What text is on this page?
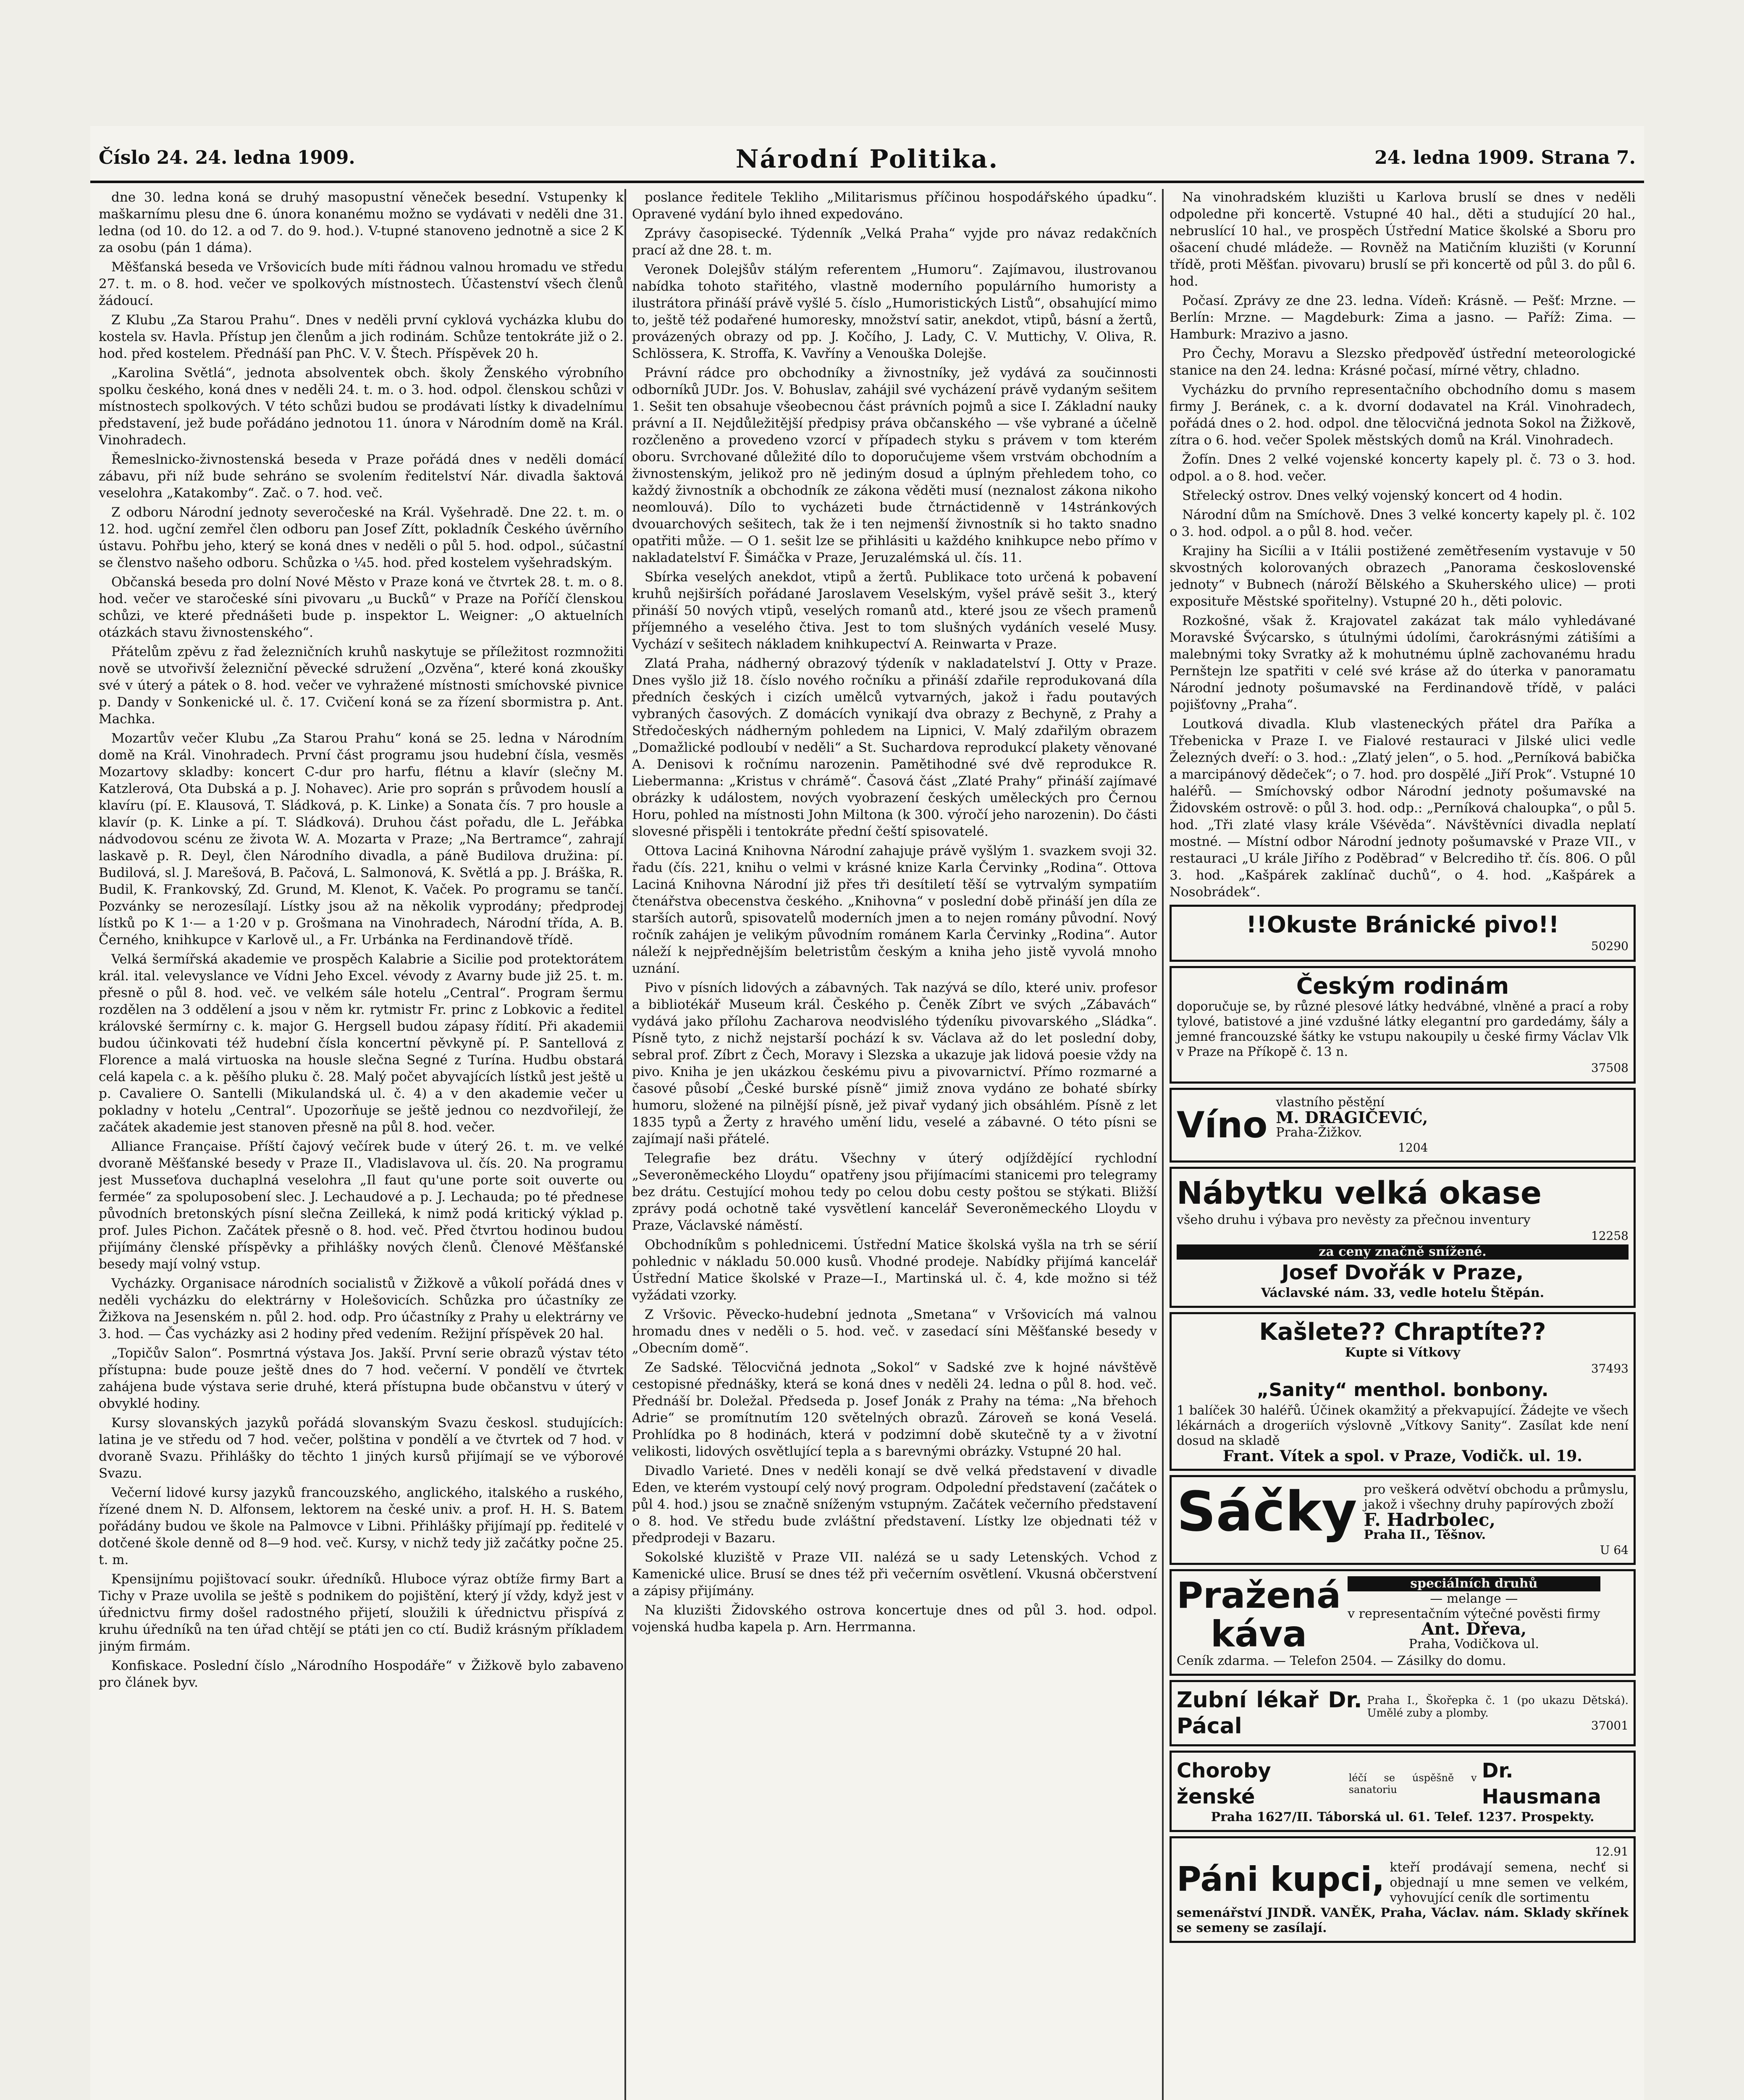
Číslo 24. 24. ledna 1909.	Národní Politika.	24. ledna 1909. Strana 7.

dne 30. ledna koná se druhý masopustní věneček besední. Vstupenky k maškarnímu plesu dne 6. února konanému možno se vydávati v neděli dne 31. ledna (od 10. do 12. a od 7. do 9. hod.). V-tupné stanoveno jednotně a sice 2 K za osobu (pán 1 dáma).

Měšťanská beseda ve Vršovicích bude míti řádnou valnou hromadu ve středu 27. t. m. o 8. hod. večer ve spolkových místnostech. Účastenství všech členů žádoucí.

Z Klubu „Za Starou Prahu“. Dnes v neděli první cyklová vycházka klubu do kostela sv. Havla. Přístup jen členům a jich rodinám. Schůze tentokráte již o 2. hod. před kostelem. Přednáší pan PhC. V. V. Štech. Příspěvek 20 h.

„Karolina Světlá“, jednota absolventek obch. školy Ženského výrobního spolku českého, koná dnes v neděli 24. t. m. o 3. hod. odpol. členskou schůzi v místnostech spolkových. V této schůzi budou se prodávati lístky k divadelnímu představení, jež bude pořádáno jednotou 11. února v Národním domě na Král. Vinohradech.

Řemeslnicko-živnostenská beseda v Praze pořádá dnes v neděli domácí zábavu, při níž bude sehráno se svolením ředitelství Nár. divadla šaktová veselohra „Katakomby“. Zač. o 7. hod. več.

Z odboru Národní jednoty severočeské na Král. Vyšehradě. Dne 22. t. m. o 12. hod. ugční zemřel člen odboru pan Josef Zítt, pokladník Českého úvěrního ústavu. Pohřbu jeho, který se koná dnes v neděli o půl 5. hod. odpol., súčastní se členstvo našeho odboru. Schůzka o ¼5. hod. před kostelem vyšehradským.

Občanská beseda pro dolní Nové Město v Praze koná ve čtvrtek 28. t. m. o 8. hod. večer ve staročeské síni pivovaru „u Bucků“ v Praze na Poříčí členskou schůzi, ve které přednášeti bude p. inspektor L. Weigner: „O aktuelních otázkách stavu živnostenského“.

Přátelům zpěvu z řad železničních kruhů naskytuje se příležitost rozmnožiti nově se utvořivší železniční pěvecké sdružení „Ozvěna“, které koná zkoušky své v úterý a pátek o 8. hod. večer ve vyhražené místnosti smíchovské pivnice p. Dandy v Sonkenické ul. č. 17. Cvičení koná se za řízení sbormistra p. Ant. Machka.

Mozartův večer Klubu „Za Starou Prahu“ koná se 25. ledna v Národním domě na Král. Vinohradech. První část programu jsou hudební čísla, vesměs Mozartovy skladby: koncert C-dur pro harfu, flétnu a klavír (slečny M. Katzlerová, Ota Dubská a p. J. Nohavec). Arie pro soprán s průvodem houslí a klavíru (pí. E. Klausová, T. Sládková, p. K. Linke) a Sonata čís. 7 pro housle a klavír (p. K. Linke a pí. T. Sládková). Druhou část pořadu, dle L. Jeřábka nádvodovou scénu ze života W. A. Mozarta v Praze; „Na Bertramce“, zahrají laskavě p. R. Deyl, člen Národního divadla, a páně Budilova družina: pí. Budilová, sl. J. Marešová, B. Pačová, L. Salmonová, K. Světlá a pp. J. Bráška, R. Budil, K. Frankovský, Zd. Grund, M. Klenot, K. Vaček. Po programu se tančí. Pozvánky se nerozesílají. Lístky jsou až na několik vyprodány; předprodej lístků po K 1·— a 1·20 v p. Grošmana na Vinohradech, Národní třída, A. B. Černého, knihkupce v Karlově ul., a Fr. Urbánka na Ferdinandově třídě.

Velká šermířská akademie ve prospěch Kalabrie a Sicilie pod protektorátem král. ital. velevyslance ve Vídni Jeho Excel. vévody z Avarny bude již 25. t. m. přesně o půl 8. hod. več. ve velkém sále hotelu „Central“. Program šermu rozdělen na 3 oddělení a jsou v něm kr. rytmistr Fr. princ z Lobkovic a ředitel královské šermírny c. k. major G. Hergsell budou zápasy řídití. Při akademii budou účinkovati též hudební čísla koncertní pěvkyně pí. P. Santellová z Florence a malá virtuoska na housle slečna Segné z Turína. Hudbu obstará celá kapela c. a k. pěšího pluku č. 28. Malý počet abyvajících lístků jest ještě u p. Cavaliere O. Santelli (Mikulandská ul. č. 4) a v den akademie večer u pokladny v hotelu „Central“. Upozorňuje se ještě jednou co nezdvořilejí, že začátek akademie jest stanoven přesně na půl 8. hod. večer.

Alliance Française. Příští čajový večírek bude v úterý 26. t. m. ve velké dvoraně Měšťanské besedy v Praze II., Vladislavova ul. čís. 20. Na programu jest Musseťova duchaplná veselohra „Il faut qu'une porte soit ouverte ou fermée“ za spoluposobení slec. J. Lechaudové a p. J. Lechauda; po té přednese původních bretonských písní slečna Zeilleká, k nimž podá kritický výklad p. prof. Jules Pichon. Začátek přesně o 8. hod. več. Před čtvrtou hodinou budou přijímány členské příspěvky a přihlášky nových členů. Členové Měšťanské besedy mají volný vstup.

Vycházky. Organisace národních socialistů v Žižkově a vůkolí pořádá dnes v neděli vycházku do elektrárny v Holešovicích. Schůzka pro účastníky ze Žižkova na Jesenském n. půl 2. hod. odp. Pro účastníky z Prahy u elektrárny ve 3. hod. — Čas vycházky asi 2 hodiny před vedením. Režijní příspěvek 20 hal.

„Topičův Salon“. Posmrtná výstava Jos. Jakší. První serie obrazů výstav této přístupna: bude pouze ještě dnes do 7 hod. večerní. V pondělí ve čtvrtek zahájena bude výstava serie druhé, která přístupna bude občanstvu v úterý v obvyklé hodiny.

Kursy slovanských jazyků pořádá slovanským Svazu českosl. studujících: latina je ve středu od 7 hod. večer, polština v pondělí a ve čtvrtek od 7 hod. v dvoraně Svazu. Přihlášky do těchto 1 jiných kursů přijímají se ve výborové Svazu.

Večerní lidové kursy jazyků francouzského, anglického, italského a ruského, řízené dnem N. D. Alfonsem, lektorem na české univ. a prof. H. H. S. Batem pořádány budou ve škole na Palmovce v Libni. Přihlášky přijímají pp. ředitelé v dotčené škole denně od 8—9 hod. več. Kursy, v nichž tedy již začátky počne 25. t. m.

Kpensijnímu pojištovací soukr. úředníků. Hluboce výraz obtíže firmy Bart a Tichy v Praze uvolila se ještě s podnikem do pojištění, který jí vždy, když jest v úřednictvu firmy došel radostného přijetí, sloužili k úřednictvu přispívá z kruhu úředníků na ten úřad chtějí se ptáti jen co ctí. Budiž krásným příkladem jiným firmám.

Konfiskace. Poslední číslo „Národního Hospodáře“ v Žižkově bylo zabaveno pro článek byv.

poslance ředitele Tekliho „Militarismus příčinou hospodářského úpadku“. Opravené vydání bylo ihned expedováno.

Zprávy časopisecké. Týdenník „Velká Praha“ vyjde pro návaz redakčních prací až dne 28. t. m.

Veronek Dolejšův stálým referentem „Humoru“. Zajímavou, ilustrovanou nabídka tohoto stařitého, vlastně moderního populárního humoristy a ilustrátora přináší právě vyšlé 5. číslo „Humoristických Listů“, obsahující mimo to, ještě též podařené humoresky, množství satir, anekdot, vtipů, básní a žertů, provázených obrazy od pp. J. Kočího, J. Lady, C. V. Muttichy, V. Oliva, R. Schlössera, K. Stroffa, K. Vavříny a Venouška Dolejše.

Právní rádce pro obchodníky a živnostníky, jež vydává za součinnosti odborníků JUDr. Jos. V. Bohuslav, zahájil své vycházení právě vydaným sešitem 1. Sešit ten obsahuje všeobecnou část právních pojmů a sice I. Základní nauky právní a II. Nejdůležitější předpisy práva občanského — vše vybrané a účelně rozčleněno a provedeno vzorcí v případech styku s právem v tom kterém oboru. Svrchované důležité dílo to doporučujeme všem vrstvám obchodním a živnostenským, jelikož pro ně jediným dosud a úplným přehledem toho, co každý živnostník a obchodník ze zákona věděti musí (neznalost zákona nikoho neomlouvá). Dílo to vycházeti bude čtrnáctidenně v 14stránkových dvouarchových sešitech, tak že i ten nejmenší živnostník si ho takto snadno opatřiti může. — O 1. sešit lze se přihlásiti u každého knihkupce nebo přímo v nakladatelství F. Šimáčka v Praze, Jeruzalémská ul. čís. 11.

Sbírka veselých anekdot, vtipů a žertů. Publikace toto určená k pobavení kruhů nejširších pořádané Jaroslavem Veselským, vyšel právě sešit 3., který přináší 50 nových vtipů, veselých romanů atd., které jsou ze všech pramenů příjemného a veselého čtiva. Jest to tom slušných vydáních veselé Musy. Vychází v sešitech nákladem knihkupectví A. Reinwarta v Praze.

Zlatá Praha, nádherný obrazový týdeník v nakladatelství J. Otty v Praze. Dnes vyšlo již 18. číslo nového ročníku a přináší zdařile reprodukovaná díla předních českých i cizích umělců vytvarných, jakož i řadu poutavých vybraných časových. Z domácích vynikají dva obrazy z Bechyně, z Prahy a Středočeských nádherným pohledem na Lipnici, V. Malý zdařilým obrazem „Domažlické podloubí v neděli“ a St. Suchardova reprodukcí plakety věnované A. Denisovi k ročnímu narozenin. Pamětihodné své dvě reprodukce R. Liebermanna: „Kristus v chrámě“. Časová část „Zlaté Prahy“ přináší zajímavé obrázky k událostem, nových vyobrazení českých uměleckých pro Černou Horu, pohled na místnosti John Miltona (k 300. výročí jeho narozenin). Do části slovesné přispěli i tentokráte přední čeští spisovatelé.

Ottova Laciná Knihovna Národní zahajuje právě vyšlým 1. svazkem svoji 32. řadu (čís. 221, knihu o velmi v krásné knize Karla Červinky „Rodina“. Ottova Laciná Knihovna Národní již přes tři desítiletí těší se vytrvalým sympatiím čtenářstva obecenstva českého. „Knihovna“ v poslední době přináší jen díla ze starších autorů, spisovatelů moderních jmen a to nejen romány původní. Nový ročník zahájen je velikým původním románem Karla Červinky „Rodina“. Autor náleží k nejpřednějším beletristům českým a kniha jeho jistě vyvolá mnoho uznání.

Pivo v písních lidových a zábavných. Tak nazývá se dílo, které univ. profesor a bibliotékář Museum král. Českého p. Čeněk Zíbrt ve svých „Zábavách“ vydává jako přílohu Zacharova neodvislého týdeníku pivovarského „Sládka“. Písně tyto, z nichž nejstarší pochází k sv. Václava až do let poslední doby, sebral prof. Zíbrt z Čech, Moravy i Slezska a ukazuje jak lidová poesie vždy na pivo. Kniha je jen ukázkou českému pivu a pivovarnictví. Přímo rozmarné a časové působí „České burské písně“ jimiž znova vydáno ze bohaté sbírky humoru, složené na pilnější písně, jež pivař vydaný jich obsáhlém. Písně z let 1835 typů a Žerty z hravého umění lidu, veselé a zábavné. O této písni se zajímají naši přátelé.

Telegrafie bez drátu. Všechny v úterý odjíždějící rychlodní „Severoněmeckého Lloydu“ opatřeny jsou přijímacími stanicemi pro telegramy bez drátu. Cestující mohou tedy po celou dobu cesty poštou se stýkati. Bližší zprávy podá ochotně také vysvětlení kancelář Severoněmeckého Lloydu v Praze, Václavské náměstí.

Obchodníkům s pohlednicemi. Ústřední Matice školská vyšla na trh se sérií pohlednic v nákladu 50.000 kusů. Vhodné prodeje. Nabídky přijímá kancelář Ústřední Matice školské v Praze—I., Martinská ul. č. 4, kde možno si též vyžádati vzorky.

Z Vršovic. Pěvecko-hudební jednota „Smetana“ v Vršovicích má valnou hromadu dnes v neděli o 5. hod. več. v zasedací síni Měšťanské besedy v „Obecním domě“.

Ze Sadské. Tělocvičná jednota „Sokol“ v Sadské zve k hojné návštěvě cestopisné přednášky, která se koná dnes v neděli 24. ledna o půl 8. hod. več. Přednáší br. Doležal. Předseda p. Josef Jonák z Prahy na téma: „Na břehoch Adrie“ se promítnutím 120 světelných obrazů. Zároveň se koná Veselá. Prohlídka po 8 hodinách, která v podzimní době skutečně ty a v životní velikosti, lidových osvětlující tepla a s barevnými obrázky. Vstupné 20 hal.

Divadlo Varieté. Dnes v neděli konají se dvě velká představení v divadle Eden, ve kterém vystoupí celý nový program. Odpolední představení (začátek o půl 4. hod.) jsou se značně sníženým vstupným. Začátek večerního představení o 8. hod. Ve středu bude zvláštní představení. Lístky lze objednati též v předprodeji v Bazaru.

Sokolské kluziště v Praze VII. nalézá se u sady Letenských. Vchod z Kamenické ulice. Brusí se dnes též při večerním osvětlení. Vkusná občerstvení a zápisy přijímány.

Na kluzišti Židovského ostrova koncertuje dnes od půl 3. hod. odpol. vojenská hudba kapela p. Arn. Herrmanna.

Na vinohradském kluzišti u Karlova bruslí se dnes v neděli odpoledne při koncertě. Vstupné 40 hal., děti a studující 20 hal., nebruslící 10 hal., ve prospěch Ústřední Matice školské a Sboru pro ošacení chudé mládeže. — Rovněž na Matičním kluzišti (v Korunní třídě, proti Měšťan. pivovaru) bruslí se při koncertě od půl 3. do půl 6. hod.

Počasí. Zprávy ze dne 23. ledna. Vídeň: Krásně. — Pešť: Mrzne. — Berlín: Mrzne. — Magdeburk: Zima a jasno. — Paříž: Zima. — Hamburk: Mrazivo a jasno.

Pro Čechy, Moravu a Slezsko předpověď ústřední meteorologické stanice na den 24. ledna: Krásné počasí, mírné větry, chladno.

Vycházku do prvního representačního obchodního domu s masem firmy J. Beránek, c. a k. dvorní dodavatel na Král. Vinohradech, pořádá dnes o 2. hod. odpol. dne tělocvičná jednota Sokol na Žižkově, zítra o 6. hod. večer Spolek městských domů na Král. Vinohradech.

Žofín. Dnes 2 velké vojenské koncerty kapely pl. č. 73 o 3. hod. odpol. a o 8. hod. večer.

Střelecký ostrov. Dnes velký vojenský koncert od 4 hodin.

Národní dům na Smíchově. Dnes 3 velké koncerty kapely pl. č. 102 o 3. hod. odpol. a o půl 8. hod. večer.

Krajiny ha Sicílii a v Itálii postižené zemětřesením vystavuje v 50 skvostných kolorovaných obrazech „Panorama československé jednoty“ v Bubnech (nároží Bělského a Skuherského ulice) — proti exposituře Městské spořitelny). Vstupné 20 h., děti polovic.

Rozkošné, však ž. Krajovatel zakázat tak málo vyhledávané Moravské Švýcarsko, s útulnými údolími, čarokrásnými zátišími a malebnými toky Svratky až k mohutnému úplně zachovanému hradu Pernštejn lze spatřiti v celé své kráse až do úterka v panoramatu Národní jednoty pošumavské na Ferdinandově třídě, v paláci pojišťovny „Praha“.

Loutková divadla. Klub vlasteneckých přátel dra Paříka a Třebenicka v Praze I. ve Fialové restauraci v Jilské ulici vedle Železných dveří: o 3. hod.: „Zlatý jelen“, o 5. hod. „Perníková babička a marcipánový dědeček“; o 7. hod. pro dospělé „Jiří Prok“. Vstupné 10 haléřů. — Smíchovský odbor Národní jednoty pošumavské na Židovském ostrově: o půl 3. hod. odp.: „Perníková chaloupka“, o půl 5. hod. „Tři zlaté vlasy krále Všévěda“. Návštěvníci divadla neplatí mostné. — Místní odbor Národní jednoty pošumavské v Praze VII., v restauraci „U krále Jiřího z Poděbrad“ v Belcrediho tř. čís. 806. O půl 3. hod. „Kašpárek zaklínač duchů“, o 4. hod. „Kašpárek a Nosobrádek“.

!!Okuste Bránické pivo!!
50290
Českým rodinám
doporučuje se, by různé plesové látky hedvábné, vlněné a prací a roby tylové, batistové a jiné vzdušné látky elegantní pro gardedámy, šály a jemné francouzské šátky ke vstupu nakoupily u české firmy Václav Vlk v Praze na Příkopě č. 13 n.
37508
Víno
vlastního pěstění
M. DRAGIČEVIĆ,
Praha-Žižkov.
1204
Nábytku velká okase
všeho druhu i výbava pro nevěsty za přečnou inventury
12258
za ceny značně snížené.
Josef Dvořák v Praze,
Václavské nám. 33, vedle hotelu Štěpán.
Kašlete?? Chraptíte??
Kupte si Vítkovy
37493
„Sanity“ menthol. bonbony.
1 balíček 30 haléřů. Účinek okamžitý a překvapující. Žádejte ve všech lékárnách a drogeriích výslovně „Vítkovy Sanity“. Zasílat kde není dosud na skladě
Frant. Vítek a spol. v Praze, Vodičk. ul. 19.
Sáčky pro veškerá odvětví obchodu a průmyslu, jakož i všechny druhy papírových zboží
F. Hadrbolec,
Praha II., Těšnov.
U 64
Pražená
káva
speciálních druhů
— melange —
v representačním výtečné pověsti firmy
Ant. Dřeva,
Praha, Vodičkova ul.
Ceník zdarma. — Telefon 2504. — Zásilky do domu.
Zubní lékař Dr. Pácal
Praha I., Škořepka č. 1 (po ukazu Dětská). Umělé zuby a plomby.
37001
Choroby ženské
léčí se úspěšně v sanatoriu
Dr. Hausmana
Praha 1627/II. Táborská ul. 61. Telef. 1237. Prospekty.
12.91
Páni kupci, kteří prodávají semena, nechť si objednají u mne semen ve velkém, vyhovující ceník dle sortimentu
semenářství JINDŘ. VANĚK, Praha, Václav. nám. Sklady skřínek se semeny se zasílají.
